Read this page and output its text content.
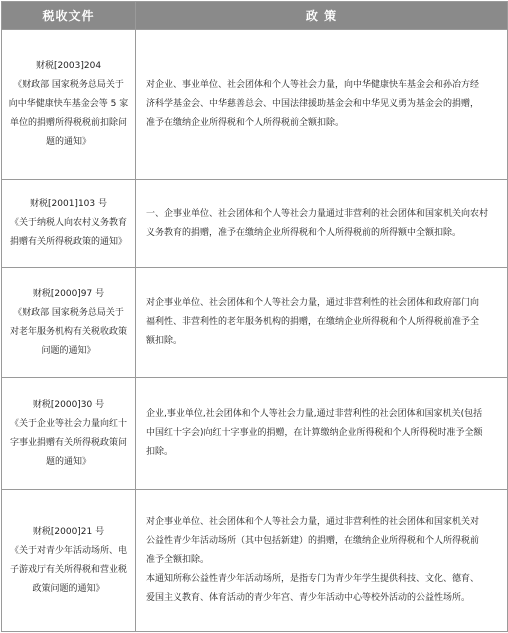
税收文件	政 策

财税[2003]204
《财政部 国家税务总局关于
向中华健康快车基金会等 5 家
单位的捐赠所得税税前扣除问
题的通知》	对企业、事业单位、社会团体和个人等社会力量，向中华健康快车基金会和孙冶方经
济科学基金会、中华慈善总会、中国法律援助基金会和中华见义勇为基金会的捐赠，
准予在缴纳企业所得税和个人所得税前全额扣除。

财税[2001]103 号
《关于纳税人向农村义务教育
捐赠有关所得税政策的通知》	一、企事业单位、社会团体和个人等社会力量通过非营利的社会团体和国家机关向农村
义务教育的捐赠，准予在缴纳企业所得税和个人所得税前的所得额中全额扣除。

财税[2000]97 号
《财政部 国家税务总局关于
对老年服务机构有关税收政策
问题的通知》	对企事业单位、社会团体和个人等社会力量，通过非营利性的社会团体和政府部门向
福利性、非营利性的老年服务机构的捐赠，在缴纳企业所得税和个人所得税前准予全
额扣除。

财税[2000]30 号
《关于企业等社会力量向红十
字事业捐赠有关所得税政策问
题的通知》	企业,事业单位,社会团体和个人等社会力量,通过非营利性的社会团体和国家机关(包括
中国红十字会)向红十字事业的捐赠，在计算缴纳企业所得税和个人所得税时准予全额
扣除。

财税[2000]21 号
《关于对青少年活动场所、电
子游戏厅有关所得税和营业税
政策问题的通知》	对企事业单位、社会团体和个人等社会力量，通过非营利性的社会团体和国家机关对
公益性青少年活动场所（其中包括新建）的捐赠，在缴纳企业所得税和个人所得税前
准予全额扣除。
本通知所称公益性青少年活动场所，是指专门为青少年学生提供科技、文化、德育、
爱国主义教育、体育活动的青少年宫、青少年活动中心等校外活动的公益性场所。
